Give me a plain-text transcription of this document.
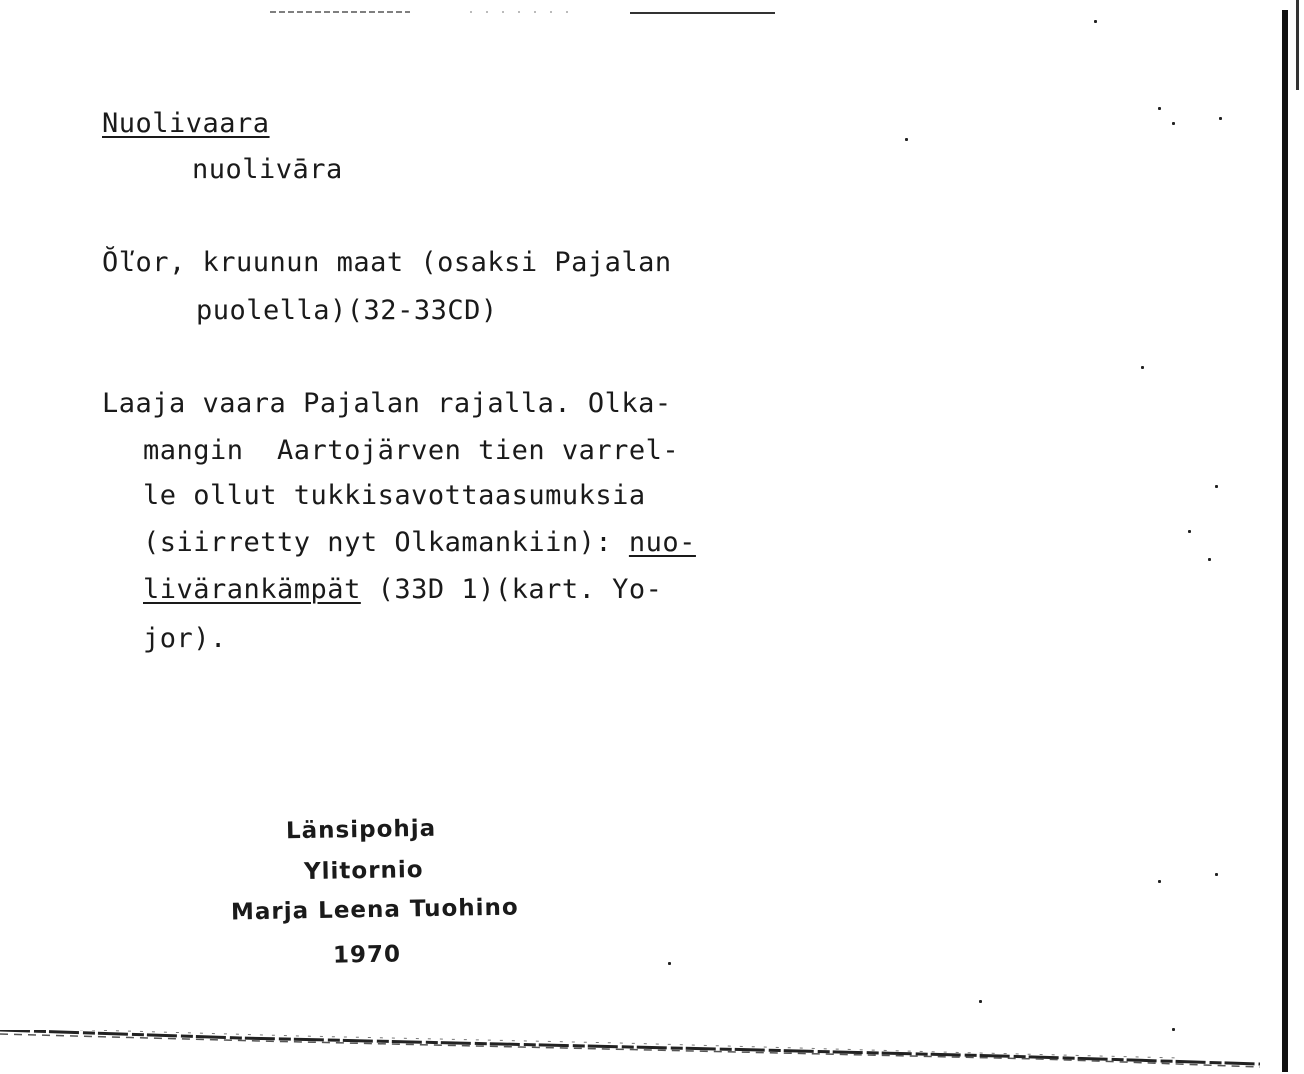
Nuolivaara
nuolivāra
Ŏľor, kruunun maat (osaksi Pajalan
puolella)(32-33CD)
Laaja vaara Pajalan rajalla. Olka-
mangin  Aartojärven tien varrel-
le ollut tukkisavottaasumuksia
(siirretty nyt Olkamankiin): nuo-
livärankämpät (33D 1)(kart. Yo-
jor).
Länsipohja
Ylitornio
Marja Leena Tuohino
1970
